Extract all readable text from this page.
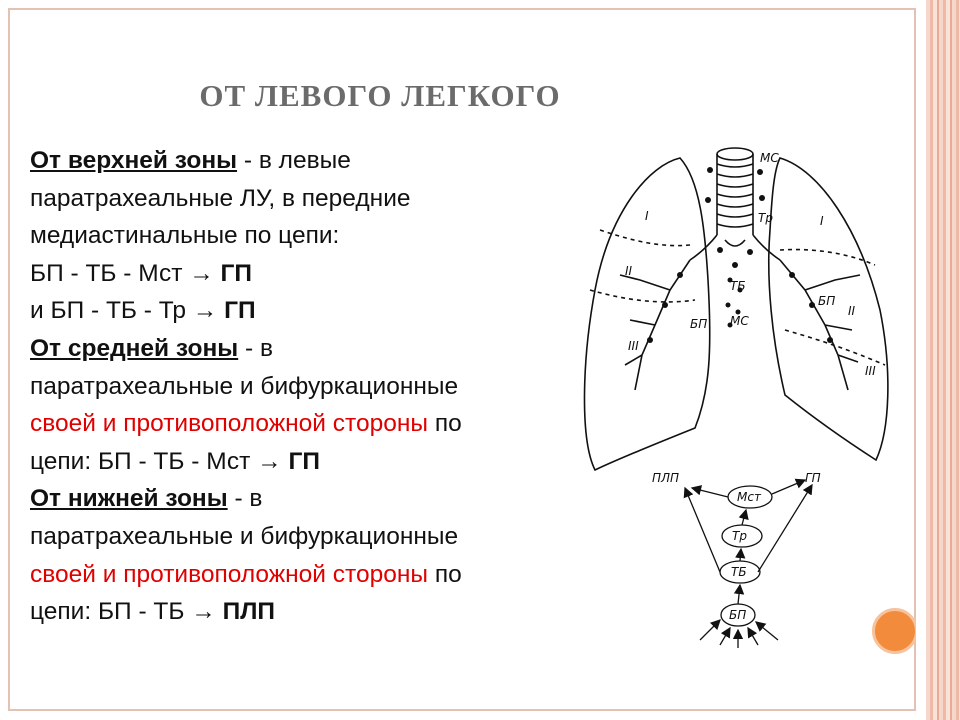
ОТ ЛЕВОГО ЛЕГКОГО
От верхней зоны - в левые
паратрахеальные ЛУ, в передние
медиастинальные по цепи:
БП - ТБ - Мст → ГП
и БП - ТБ - Тр → ГП
От средней зоны - в
паратрахеальные и бифуркационные
своей и противоположной стороны по
цепи: БП - ТБ - Мст → ГП
От нижней зоны - в
паратрахеальные и бифуркационные
своей и противоположной стороны по
цепи: БП - ТБ → ПЛП
МС
Тр
ТБ
БП
БП
МС
I	I
II
II
III
III
ПЛП	ГП
Мст
Тр
ТБ
БП
